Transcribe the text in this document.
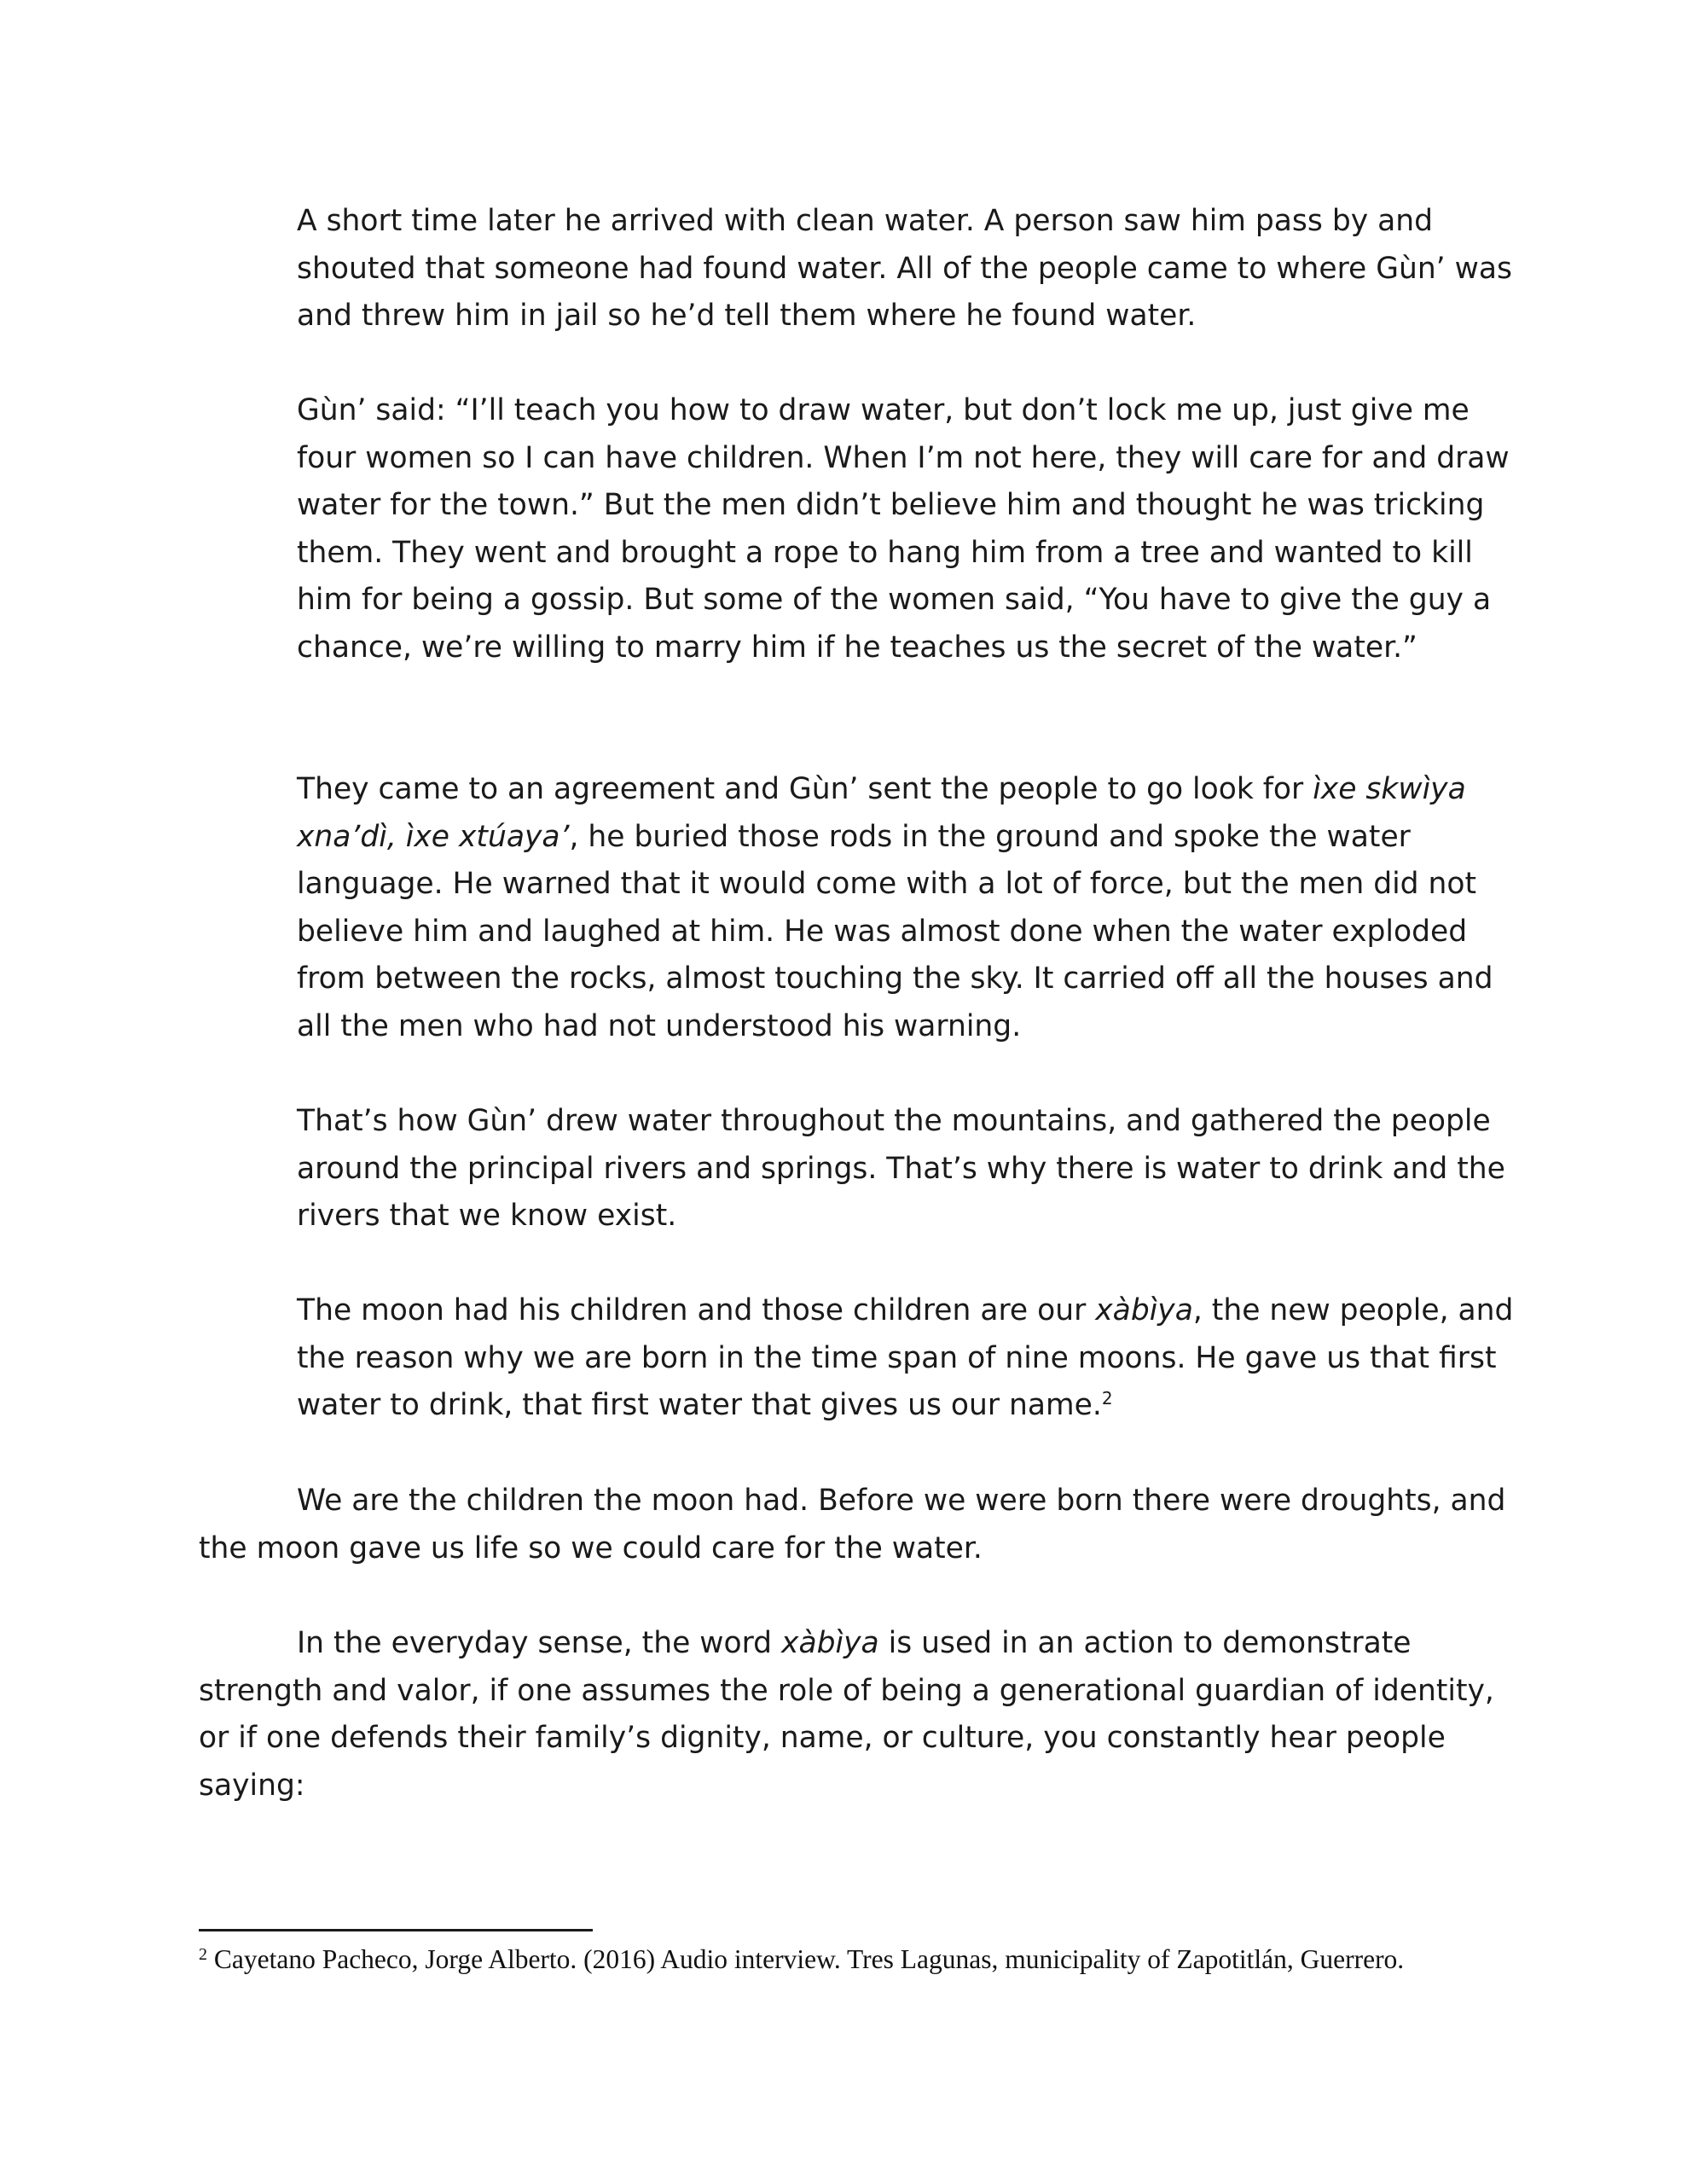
A short time later he arrived with clean water. A person saw him pass by and shouted that someone had found water. All of the people came to where Gùn’ was and threw him in jail so he’d tell them where he found water.

Gùn’ said: “I’ll teach you how to draw water, but don’t lock me up, just give me four women so I can have children. When I’m not here, they will care for and draw water for the town.” But the men didn’t believe him and thought he was tricking them. They went and brought a rope to hang him from a tree and wanted to kill him for being a gossip. But some of the women said, “You have to give the guy a chance, we’re willing to marry him if he teaches us the secret of the water.”

They came to an agreement and Gùn’ sent the people to go look for ìxe skwìya xna’dì, ìxe xtúaya’, he buried those rods in the ground and spoke the water language. He warned that it would come with a lot of force, but the men did not believe him and laughed at him. He was almost done when the water exploded from between the rocks, almost touching the sky. It carried off all the houses and all the men who had not understood his warning.

That’s how Gùn’ drew water throughout the mountains, and gathered the people around the principal rivers and springs. That’s why there is water to drink and the rivers that we know exist.

The moon had his children and those children are our xàbìya, the new people, and the reason why we are born in the time span of nine moons. He gave us that first water to drink, that first water that gives us our name.$^2$

We are the children the moon had. Before we were born there were droughts, and the moon gave us life so we could care for the water.

In the everyday sense, the word xàbìya is used in an action to demonstrate strength and valor, if one assumes the role of being a generational guardian of identity, or if one defends their family’s dignity, name, or culture, you constantly hear people saying:

$^2$ Cayetano Pacheco, Jorge Alberto. (2016) Audio interview. Tres Lagunas, municipality of Zapotitlán, Guerrero.
